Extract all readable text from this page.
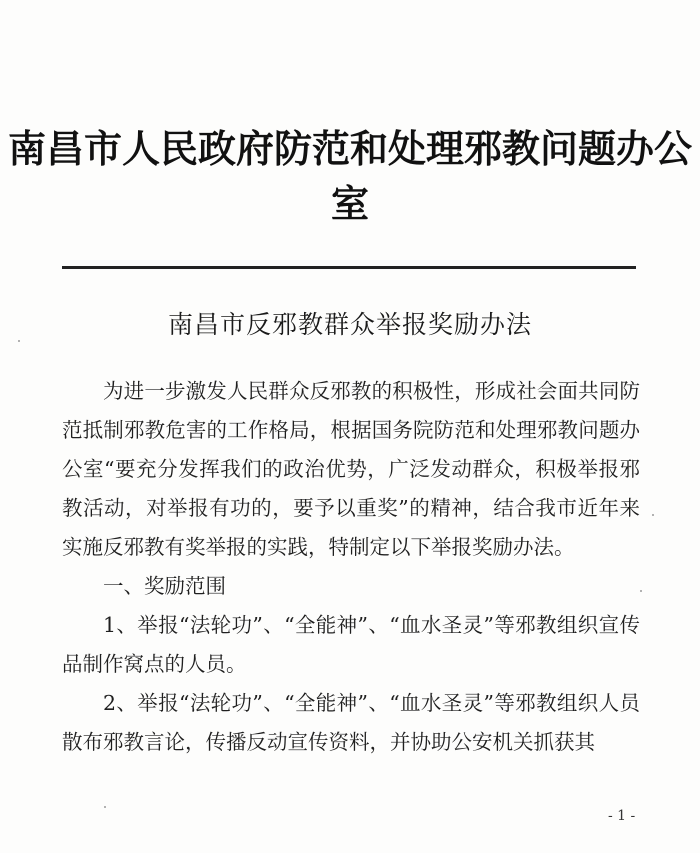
南昌市人民政府防范和处理邪教问题办公室
南昌市反邪教群众举报奖励办法

为进一步激发人民群众反邪教的积极性，形成社会面共同防范抵制邪教危害的工作格局，根据国务院防范和处理邪教问题办公室“要充分发挥我们的政治优势，广泛发动群众，积极举报邪教活动，对举报有功的，要予以重奖”的精神，结合我市近年来实施反邪教有奖举报的实践，特制定以下举报奖励办法。

一、奖励范围

1、举报“法轮功”、“全能神”、“血水圣灵”等邪教组织宣传品制作窝点的人员。

2、举报“法轮功”、“全能神”、“血水圣灵”等邪教组织人员散布邪教言论，传播反动宣传资料，并协助公安机关抓获其

- 1 -
